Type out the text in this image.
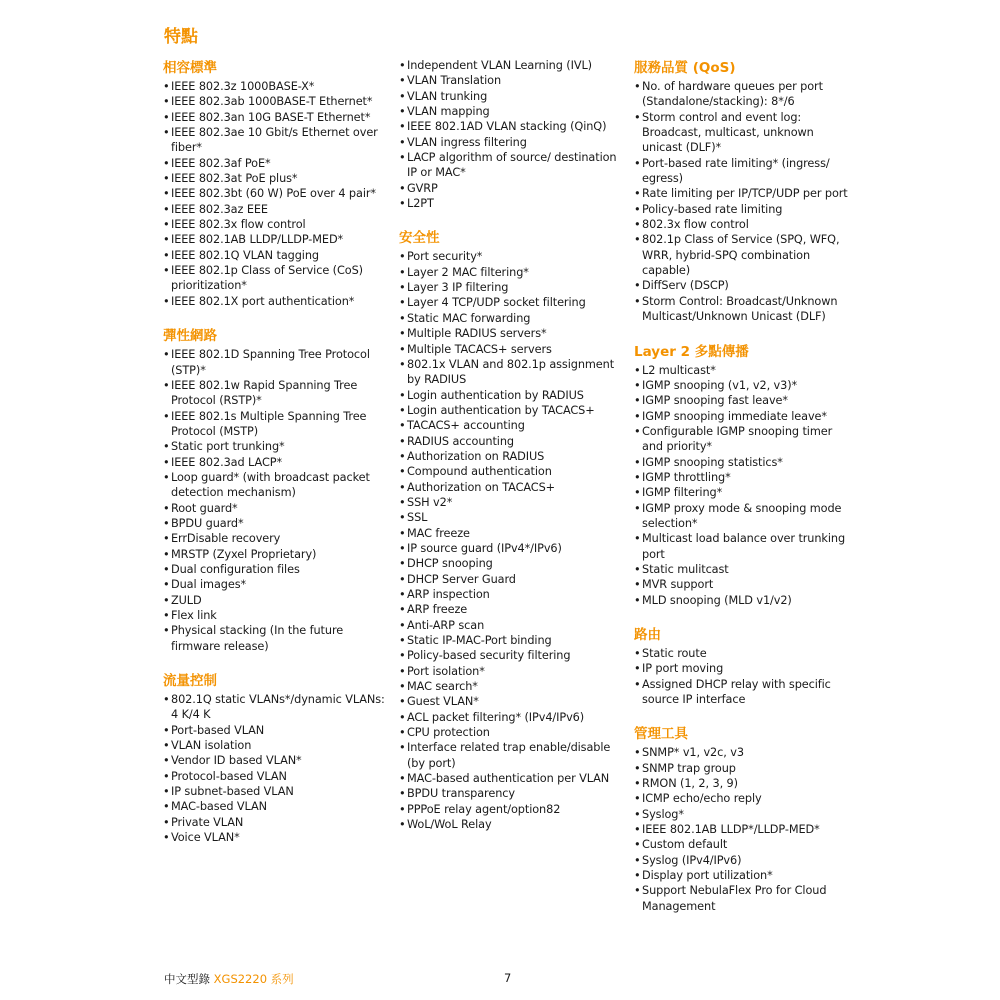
特點
相容標準
• IEEE 802.3z 1000BASE-X*
• IEEE 802.3ab 1000BASE-T Ethernet*
• IEEE 802.3an 10G BASE-T Ethernet*
• IEEE 802.3ae 10 Gbit/s Ethernet over fiber*
• IEEE 802.3af PoE*
• IEEE 802.3at PoE plus*
• IEEE 802.3bt (60 W) PoE over 4 pair*
• IEEE 802.3az EEE
• IEEE 802.3x flow control
• IEEE 802.1AB LLDP/LLDP-MED*
• IEEE 802.1Q VLAN tagging
• IEEE 802.1p Class of Service (CoS) prioritization*
• IEEE 802.1X port authentication*
彈性網路
• IEEE 802.1D Spanning Tree Protocol (STP)*
• IEEE 802.1w Rapid Spanning Tree Protocol (RSTP)*
• IEEE 802.1s Multiple Spanning Tree Protocol (MSTP)
• Static port trunking*
• IEEE 802.3ad LACP*
• Loop guard* (with broadcast packet detection mechanism)
• Root guard*
• BPDU guard*
• ErrDisable recovery
• MRSTP (Zyxel Proprietary)
• Dual configuration files
• Dual images*
• ZULD
• Flex link
• Physical stacking (In the future firmware release)
流量控制
• 802.1Q static VLANs*/dynamic VLANs: 4 K/4 K
• Port-based VLAN
• VLAN isolation
• Vendor ID based VLAN*
• Protocol-based VLAN
• IP subnet-based VLAN
• MAC-based VLAN
• Private VLAN
• Voice VLAN*
• Independent VLAN Learning (IVL)
• VLAN Translation
• VLAN trunking
• VLAN mapping
• IEEE 802.1AD VLAN stacking (QinQ)
• VLAN ingress filtering
• LACP algorithm of source/ destination IP or MAC*
• GVRP
• L2PT
安全性
• Port security*
• Layer 2 MAC filtering*
• Layer 3 IP filtering
• Layer 4 TCP/UDP socket filtering
• Static MAC forwarding
• Multiple RADIUS servers*
• Multiple TACACS+ servers
• 802.1x VLAN and 802.1p assignment by RADIUS
• Login authentication by RADIUS
• Login authentication by TACACS+
• TACACS+ accounting
• RADIUS accounting
• Authorization on RADIUS
• Compound authentication
• Authorization on TACACS+
• SSH v2*
• SSL
• MAC freeze
• IP source guard (IPv4*/IPv6)
• DHCP snooping
• DHCP Server Guard
• ARP inspection
• ARP freeze
• Anti-ARP scan
• Static IP-MAC-Port binding
• Policy-based security filtering
• Port isolation*
• MAC search*
• Guest VLAN*
• ACL packet filtering* (IPv4/IPv6)
• CPU protection
• Interface related trap enable/disable (by port)
• MAC-based authentication per VLAN
• BPDU transparency
• PPPoE relay agent/option82
• WoL/WoL Relay
服務品質 (QoS)
• No. of hardware queues per port (Standalone/stacking): 8*/6
• Storm control and event log: Broadcast, multicast, unknown unicast (DLF)*
• Port-based rate limiting* (ingress/ egress)
• Rate limiting per IP/TCP/UDP per port
• Policy-based rate limiting
• 802.3x flow control
• 802.1p Class of Service (SPQ, WFQ, WRR, hybrid-SPQ combination capable)
• DiffServ (DSCP)
• Storm Control: Broadcast/Unknown Multicast/Unknown Unicast (DLF)
Layer 2 多點傳播
• L2 multicast*
• IGMP snooping (v1, v2, v3)*
• IGMP snooping fast leave*
• IGMP snooping immediate leave*
• Configurable IGMP snooping timer and priority*
• IGMP snooping statistics*
• IGMP throttling*
• IGMP filtering*
• IGMP proxy mode & snooping mode selection*
• Multicast load balance over trunking port
• Static mulitcast
• MVR support
• MLD snooping (MLD v1/v2)
路由
• Static route
• IP port moving
• Assigned DHCP relay with specific source IP interface
管理工具
• SNMP* v1, v2c, v3
• SNMP trap group
• RMON (1, 2, 3, 9)
• ICMP echo/echo reply
• Syslog*
• IEEE 802.1AB LLDP*/LLDP-MED*
• Custom default
• Syslog (IPv4/IPv6)
• Display port utilization*
• Support NebulaFlex Pro for Cloud Management
中文型錄 XGS2220 系列	7
